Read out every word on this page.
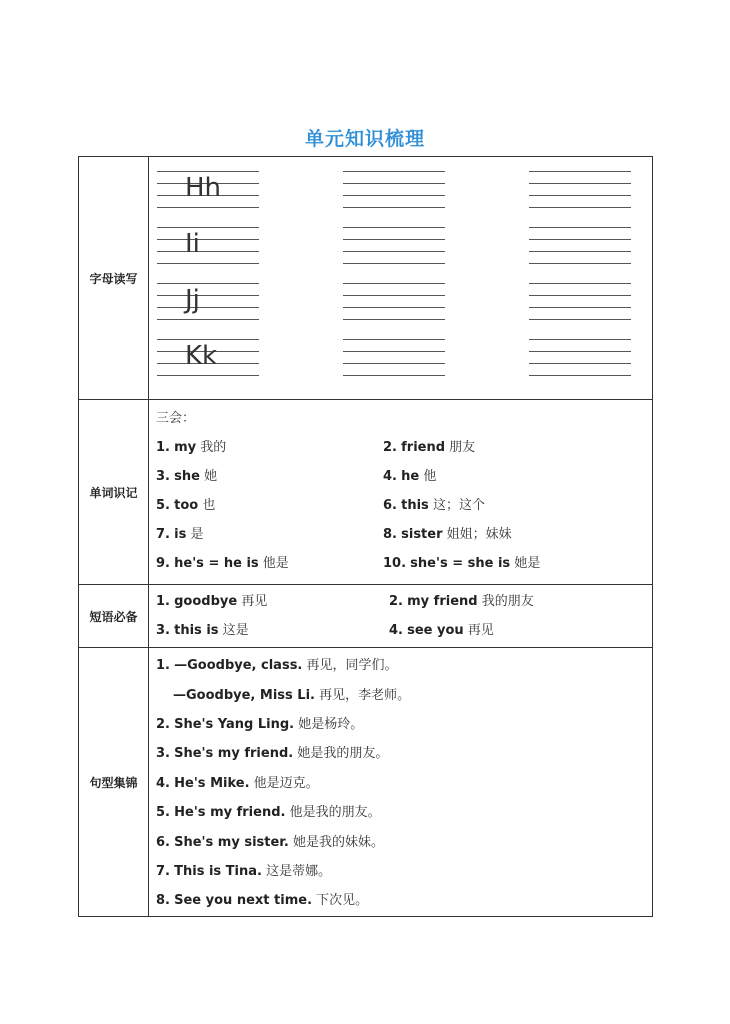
单元知识梳理
字母读写
Hh
Ii
Jj
Kk
单词识记
三会：
1. my 我的	2. friend 朋友
3. she 她	4. he 他
5. too 也	6. this 这；这个
7. is 是	8. sister 姐姐；妹妹
9. he's = he is 他是	10. she's = she is 她是
短语必备
1. goodbye 再见	2. my friend 我的朋友
3. this is 这是	4. see you 再见
句型集锦
1. —Goodbye, class. 再见，同学们。
—Goodbye, Miss Li. 再见，李老师。
2. She's Yang Ling. 她是杨玲。
3. She's my friend. 她是我的朋友。
4. He's Mike. 他是迈克。
5. He's my friend. 他是我的朋友。
6. She's my sister. 她是我的妹妹。
7. This is Tina. 这是蒂娜。
8. See you next time. 下次见。
